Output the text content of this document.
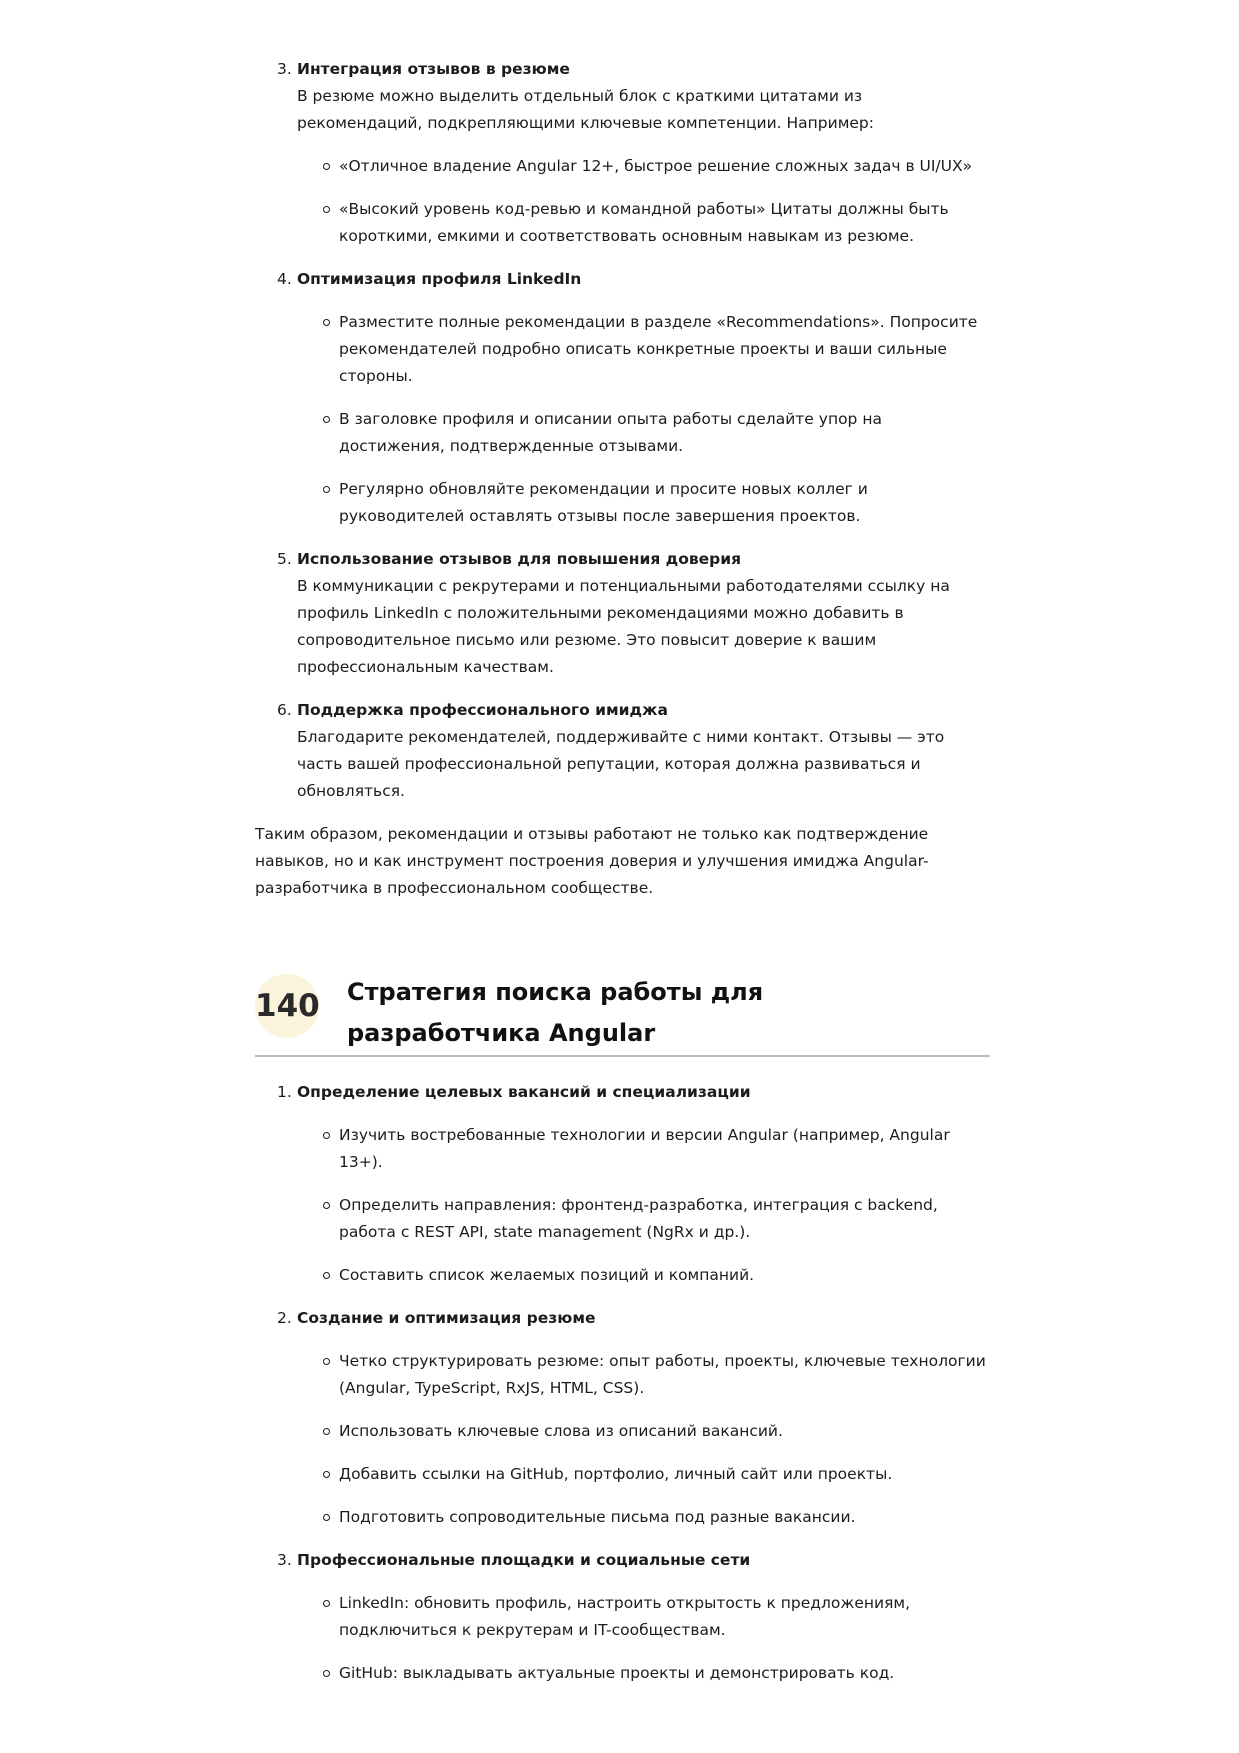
3. Интеграция отзывов в резюме
В резюме можно выделить отдельный блок с краткими цитатами из рекомендаций, подкрепляющими ключевые компетенции. Например:
«Отличное владение Angular 12+, быстрое решение сложных задач в UI/UX»
«Высокий уровень код-ревью и командной работы» Цитаты должны быть короткими, емкими и соответствовать основным навыкам из резюме.
4. Оптимизация профиля LinkedIn
Разместите полные рекомендации в разделе «Recommendations». Попросите рекомендателей подробно описать конкретные проекты и ваши сильные стороны.
В заголовке профиля и описании опыта работы сделайте упор на достижения, подтвержденные отзывами.
Регулярно обновляйте рекомендации и просите новых коллег и руководителей оставлять отзывы после завершения проектов.
5. Использование отзывов для повышения доверия
В коммуникации с рекрутерами и потенциальными работодателями ссылку на профиль LinkedIn с положительными рекомендациями можно добавить в сопроводительное письмо или резюме. Это повысит доверие к вашим профессиональным качествам.
6. Поддержка профессионального имиджа
Благодарите рекомендателей, поддерживайте с ними контакт. Отзывы — это часть вашей профессиональной репутации, которая должна развиваться и обновляться.

Таким образом, рекомендации и отзывы работают не только как подтверждение навыков, но и как инструмент построения доверия и улучшения имиджа Angular-разработчика в профессиональном сообществе.

140 Стратегия поиска работы для разработчика Angular
1. Определение целевых вакансий и специализации
Изучить востребованные технологии и версии Angular (например, Angular 13+).
Определить направления: фронтенд-разработка, интеграция с backend, работа с REST API, state management (NgRx и др.).
Составить список желаемых позиций и компаний.
2. Создание и оптимизация резюме
Четко структурировать резюме: опыт работы, проекты, ключевые технологии (Angular, TypeScript, RxJS, HTML, CSS).
Использовать ключевые слова из описаний вакансий.
Добавить ссылки на GitHub, портфолио, личный сайт или проекты.
Подготовить сопроводительные письма под разные вакансии.
3. Профессиональные площадки и социальные сети
LinkedIn: обновить профиль, настроить открытость к предложениям, подключиться к рекрутерам и IT-сообществам.
GitHub: выкладывать актуальные проекты и демонстрировать код.
